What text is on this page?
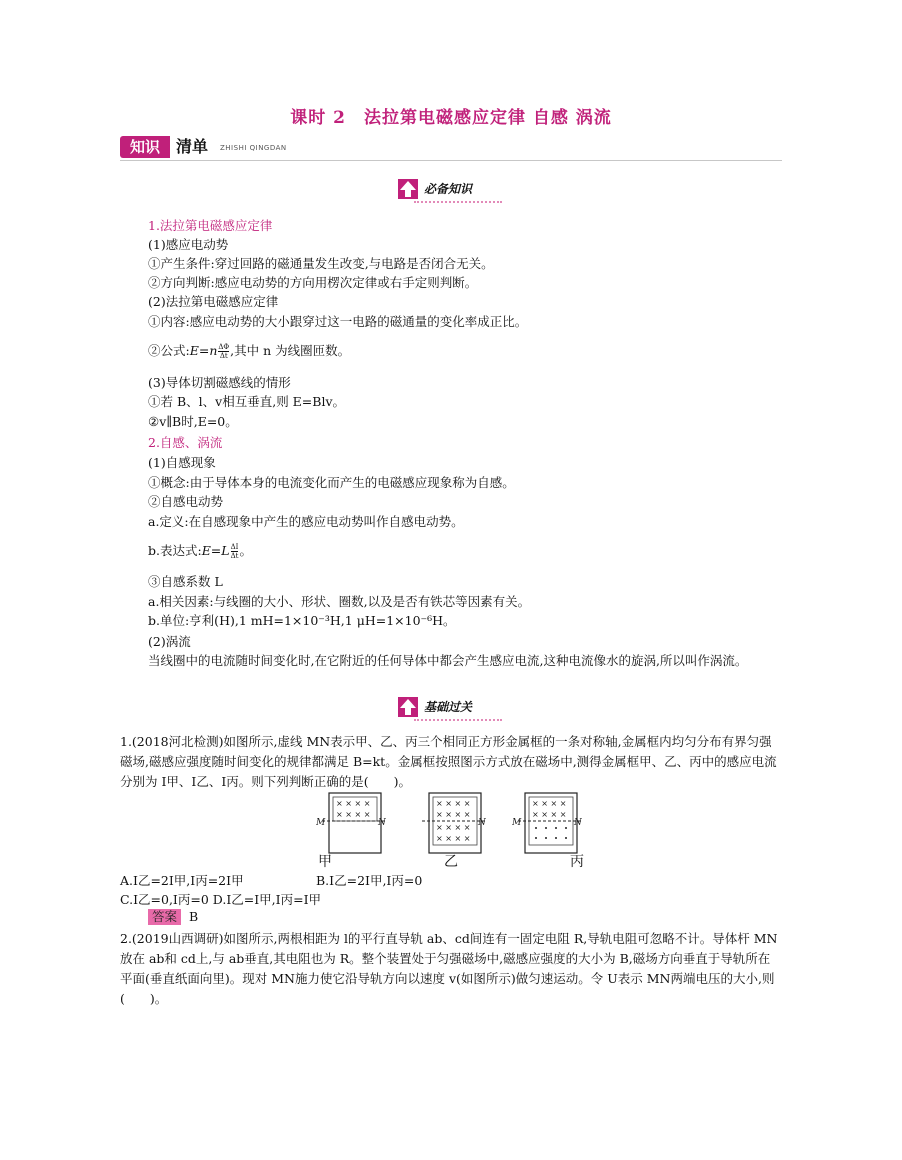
课时 2　法拉第电磁感应定律 自感 涡流
知识	清单 ZHISHI QINGDAN
必备知识
1.法拉第电磁感应定律
(1)感应电动势
①产生条件:穿过回路的磁通量发生改变,与电路是否闭合无关。
②方向判断:感应电动势的方向用楞次定律或右手定则判断。
(2)法拉第电磁感应定律
①内容:感应电动势的大小跟穿过这一电路的磁通量的变化率成正比。
②公式:E=n $\frac{\Delta\Phi}{\Delta t}$ ,其中 n 为线圈匝数。
(3)导体切割磁感线的情形
①若 B、l、v相互垂直,则 E=Blv。
②v∥B时,E=0。
2.自感、涡流
(1)自感现象
①概念:由于导体本身的电流变化而产生的电磁感应现象称为自感。
②自感电动势
a.定义:在自感现象中产生的感应电动势叫作自感电动势。
b.表达式:E=L $\frac{\Delta I}{\Delta t}$ 。
③自感系数 L
a.相关因素:与线圈的大小、形状、圈数,以及是否有铁芯等因素有关。
b.单位:亨利(H),1 mH=1×10⁻³H,1 μH=1×10⁻⁶H。
(2)涡流
当线圈中的电流随时间变化时,在它附近的任何导体中都会产生感应电流,这种电流像水的旋涡,所以叫作涡流。
基础过关
1.(2018河北检测)如图所示,虚线 MN表示甲、乙、丙三个相同正方形金属框的一条对称轴,金属框内均匀分布有界匀强磁场,磁感应强度随时间变化的规律都满足 B=kt。金属框按照图示方式放在磁场中,测得金属框甲、乙、丙中的感应电流分别为 I甲、I乙、I丙。则下列判断正确的是(　　)。
× × × ×
× × × ×
M	N
× × × ×
× × × ×
× × × ×
× × × ×
N
× × × ×
× × × ×
M	N
甲	乙	丙
A.I乙=2I甲,I丙=2I甲	B.I乙=2I甲,I丙=0
C.I乙=0,I丙=0 D.I乙=I甲,I丙=I甲
答案 B
2.(2019山西调研)如图所示,两根相距为 l的平行直导轨 ab、cd间连有一固定电阻 R,导轨电阻可忽略不计。导体杆 MN放在 ab和 cd上,与 ab垂直,其电阻也为 R。整个装置处于匀强磁场中,磁感应强度的大小为 B,磁场方向垂直于导轨所在平面(垂直纸面向里)。现对 MN施力使它沿导轨方向以速度 v(如图所示)做匀速运动。令 U表示 MN两端电压的大小,则(　　)。
